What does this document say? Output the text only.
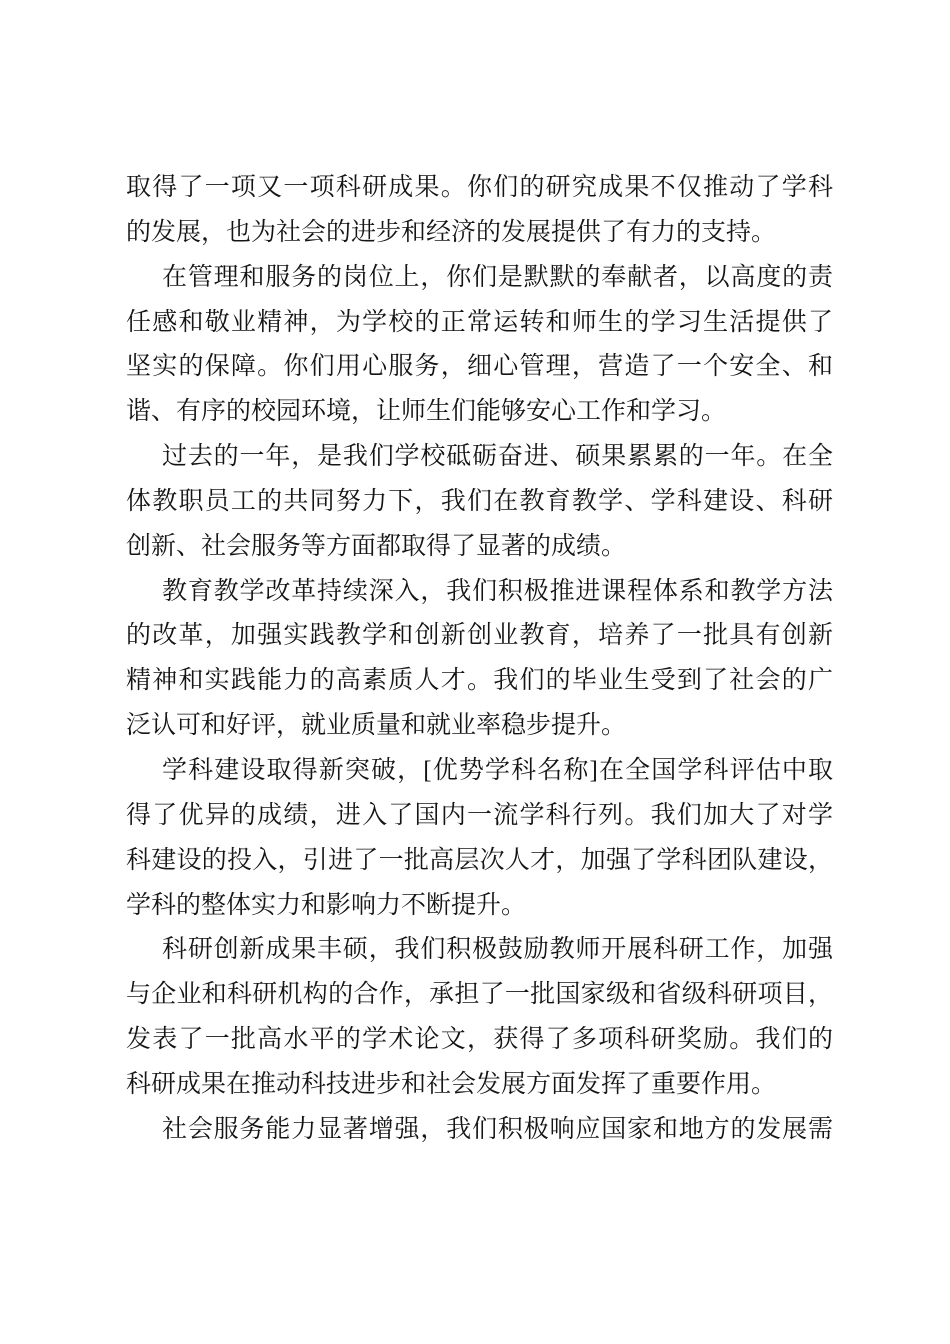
取得了一项又一项科研成果。你们的研究成果不仅推动了学科
的发展，也为社会的进步和经济的发展提供了有力的支持。
在管理和服务的岗位上，你们是默默的奉献者，以高度的责
任感和敬业精神，为学校的正常运转和师生的学习生活提供了
坚实的保障。你们用心服务，细心管理，营造了一个安全、和
谐、有序的校园环境，让师生们能够安心工作和学习。
过去的一年，是我们学校砥砺奋进、硕果累累的一年。在全
体教职员工的共同努力下，我们在教育教学、学科建设、科研
创新、社会服务等方面都取得了显著的成绩。
教育教学改革持续深入，我们积极推进课程体系和教学方法
的改革，加强实践教学和创新创业教育，培养了一批具有创新
精神和实践能力的高素质人才。我们的毕业生受到了社会的广
泛认可和好评，就业质量和就业率稳步提升。
学科建设取得新突破，[优势学科名称]在全国学科评估中取
得了优异的成绩，进入了国内一流学科行列。我们加大了对学
科建设的投入，引进了一批高层次人才，加强了学科团队建设，
学科的整体实力和影响力不断提升。
科研创新成果丰硕，我们积极鼓励教师开展科研工作，加强
与企业和科研机构的合作，承担了一批国家级和省级科研项目，
发表了一批高水平的学术论文，获得了多项科研奖励。我们的
科研成果在推动科技进步和社会发展方面发挥了重要作用。
社会服务能力显著增强，我们积极响应国家和地方的发展需
